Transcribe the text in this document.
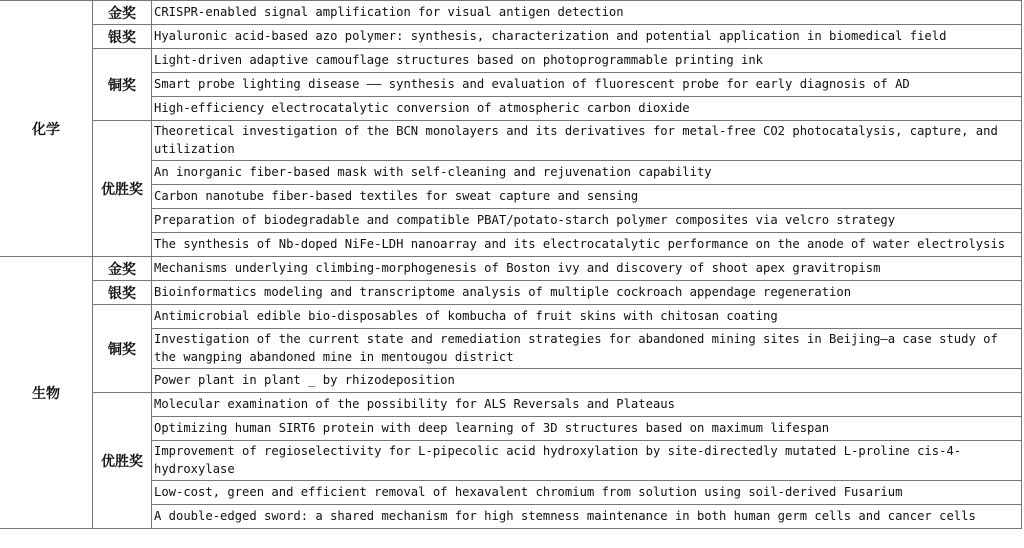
化学	金奖	CRISPR-enabled signal amplification for visual antigen detection
	银奖	Hyaluronic acid-based azo polymer: synthesis, characterization and potential application in biomedical field
	铜奖	Light-driven adaptive camouflage structures based on photoprogrammable printing ink
		Smart probe lighting disease —— synthesis and evaluation of fluorescent probe for early diagnosis of AD
		High-efficiency electrocatalytic conversion of atmospheric carbon dioxide
	优胜奖	Theoretical investigation of the BCN monolayers and its derivatives for metal-free CO2 photocatalysis, capture, and utilization
		An inorganic fiber-based mask with self-cleaning and rejuvenation capability
		Carbon nanotube fiber-based textiles for sweat capture and sensing
		Preparation of biodegradable and compatible PBAT/potato-starch polymer composites via velcro strategy
		The synthesis of Nb-doped NiFe-LDH nanoarray and its electrocatalytic performance on the anode of water electrolysis
生物	金奖	Mechanisms underlying climbing-morphogenesis of Boston ivy and discovery of shoot apex gravitropism
	银奖	Bioinformatics modeling and transcriptome analysis of multiple cockroach appendage regeneration
	铜奖	Antimicrobial edible bio-disposables of kombucha of fruit skins with chitosan coating
		Investigation of the current state and remediation strategies for abandoned mining sites in Beijing—a case study of the wangping abandoned mine in mentougou district
		Power plant in plant _ by rhizodeposition
	优胜奖	Molecular examination of the possibility for ALS Reversals and Plateaus
		Optimizing human SIRT6 protein with deep learning of 3D structures based on maximum lifespan
		Improvement of regioselectivity for L-pipecolic acid hydroxylation by site-directedly mutated L-proline cis-4-hydroxylase
		Low-cost, green and efficient removal of hexavalent chromium from solution using soil-derived Fusarium
		A double-edged sword: a shared mechanism for high stemness maintenance in both human germ cells and cancer cells
